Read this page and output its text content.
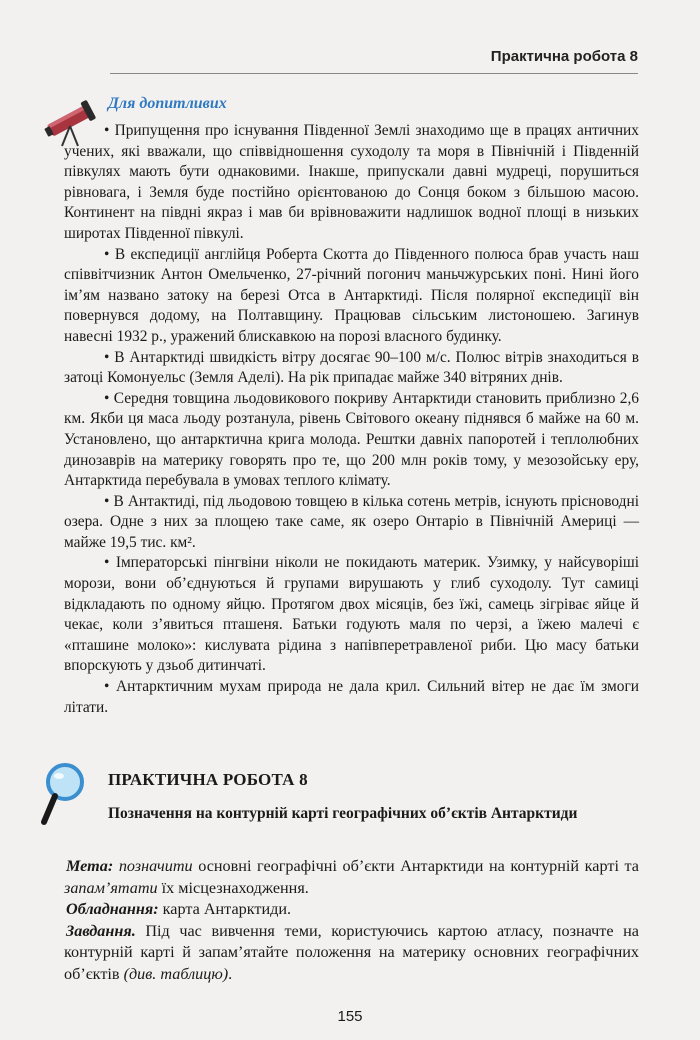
Практична робота 8
Для допитливих

• Припущення про існування Південної Землі знаходимо ще в працях античних учених, які вважали, що співвідношення суходолу та моря в Північній і Південній півкулях мають бути однаковими. Інакше, припускали давні мудреці, порушиться рівновага, і Земля буде постійно орієнтованою до Сонця боком з більшою масою. Континент на півдні якраз і мав би врівноважити надлишок водної площі в низьких широтах Південної півкулі.

• В експедиції англійця Роберта Скотта до Південного полюса брав участь наш співвітчизник Антон Омельченко, 27-річний погонич маньчжурських поні. Нині його ім’ям названо затоку на березі Отса в Антарктиді. Після полярної експедиції він повернувся додому, на Полтавщину. Працював сільським листоношею. Загинув навесні 1932 р., уражений блискавкою на порозі власного будинку.

• В Антарктиді швидкість вітру досягає 90–100 м/с. Полюс вітрів знаходиться в затоці Комонуельс (Земля Аделі). На рік припадає майже 340 вітряних днів.

• Середня товщина льодовикового покриву Антарктиди становить приблизно 2,6 км. Якби ця маса льоду розтанула, рівень Світового океану піднявся б майже на 60 м. Установлено, що антарктична крига молода. Рештки давніх папоротей і теплолюбних динозаврів на материку говорять про те, що 200 млн років тому, у мезозойську еру, Антарктида перебувала в умовах теплого клімату.

• В Антактиді, під льодовою товщею в кілька сотень метрів, існують прісноводні озера. Одне з них за площею таке саме, як озеро Онтаріо в Північній Америці — майже 19,5 тис. км².

• Імператорські пінгвіни ніколи не покидають материк. Узимку, у найсуворіші морози, вони об’єднуються й групами вирушають у глиб суходолу. Тут самиці відкладають по одному яйцю. Протягом двох місяців, без їжі, самець зігріває яйце й чекає, коли з’явиться пташеня. Батьки годують маля по черзі, а їжею малечі є «пташине молоко»: кислувата рідина з напівперетравленої риби. Цю масу батьки впорскують у дзьоб дитинчаті.

• Антарктичним мухам природа не дала крил. Сильний вітер не дає їм змоги літати.

ПРАКТИЧНА РОБОТА 8
Позначення на контурній карті географічних об’єктів Антарктиди

Мета: позначити основні географічні об’єкти Антарктиди на контурній карті та запам’ятати їх місцезнаходження.

Обладнання: карта Антарктиди.

Завдання. Під час вивчення теми, користуючись картою атласу, позначте на контурній карті й запам’ятайте положення на материку основних географічних об’єктів (див. таблицю).

155
